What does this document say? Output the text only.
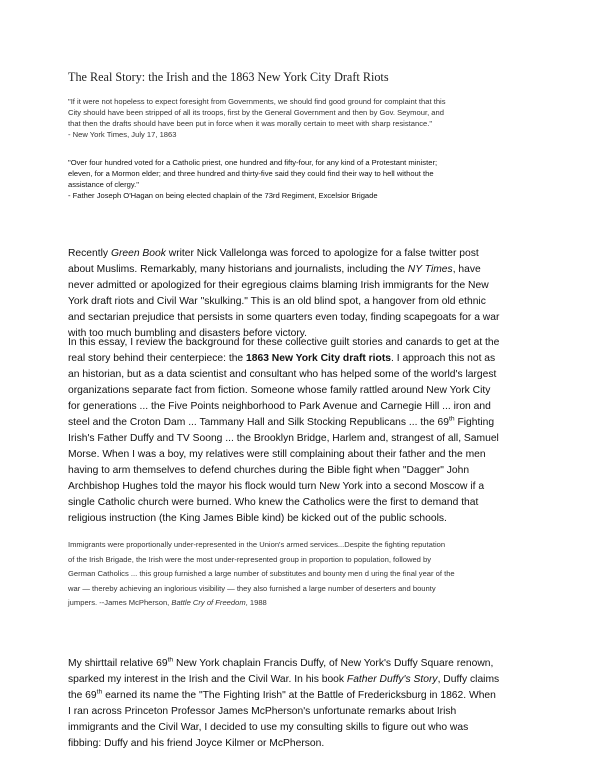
The Real Story: the Irish and the 1863 New York City Draft Riots
"If it were not hopeless to expect foresight from Governments, we should find good ground for complaint that this
City should have been stripped of all its troops, first by the General Government and then by Gov. Seymour, and
that then the drafts should have been put in force when it was morally certain to meet with sharp resistance."
- New York Times, July 17, 1863
"Over four hundred voted for a Catholic priest, one hundred and fifty-four, for any kind of a Protestant minister;
eleven, for a Mormon elder; and three hundred and thirty-five said they could find their way to hell without the
assistance of clergy."
- Father Joseph O'Hagan on being elected chaplain of the 73rd Regiment, Excelsior Brigade
Recently Green Book writer Nick Vallelonga was forced to apologize for a false twitter post
about Muslims. Remarkably, many historians and journalists, including the NY Times, have
never admitted or apologized for their egregious claims blaming Irish immigrants for the New
York draft riots and Civil War "skulking." This is an old blind spot, a hangover from old ethnic
and sectarian prejudice that persists in some quarters even today, finding scapegoats for a war
with too much bumbling and disasters before victory.
In this essay, I review the background for these collective guilt stories and canards to get at the
real story behind their centerpiece: the 1863 New York City draft riots. I approach this not as
an historian, but as a data scientist and consultant who has helped some of the world's largest
organizations separate fact from fiction. Someone whose family rattled around New York City
for generations ... the Five Points neighborhood to Park Avenue and Carnegie Hill ... iron and
steel and the Croton Dam ... Tammany Hall and Silk Stocking Republicans ... the 69th Fighting
Irish's Father Duffy and TV Soong ... the Brooklyn Bridge, Harlem and, strangest of all, Samuel
Morse. When I was a boy, my relatives were still complaining about their father and the men
having to arm themselves to defend churches during the Bible fight when "Dagger" John
Archbishop Hughes told the mayor his flock would turn New York into a second Moscow if a
single Catholic church were burned. Who knew the Catholics were the first to demand that
religious instruction (the King James Bible kind) be kicked out of the public schools.
Immigrants were proportionally under-represented in the Union's armed services...Despite the fighting reputation
of the Irish Brigade, the Irish were the most under-represented group in proportion to population, followed by
German Catholics ... this group furnished a large number of substitutes and bounty men d uring the final year of the
war — thereby achieving an inglorious visibility — they also furnished a large number of deserters and bounty
jumpers. --James McPherson, Battle Cry of Freedom, 1988
My shirttail relative 69th New York chaplain Francis Duffy, of New York's Duffy Square renown,
sparked my interest in the Irish and the Civil War. In his book Father Duffy's Story, Duffy claims
the 69th earned its name the "The Fighting Irish" at the Battle of Fredericksburg in 1862. When
I ran across Princeton Professor James McPherson's unfortunate remarks about Irish
immigrants and the Civil War, I decided to use my consulting skills to figure out who was
fibbing: Duffy and his friend Joyce Kilmer or McPherson.
